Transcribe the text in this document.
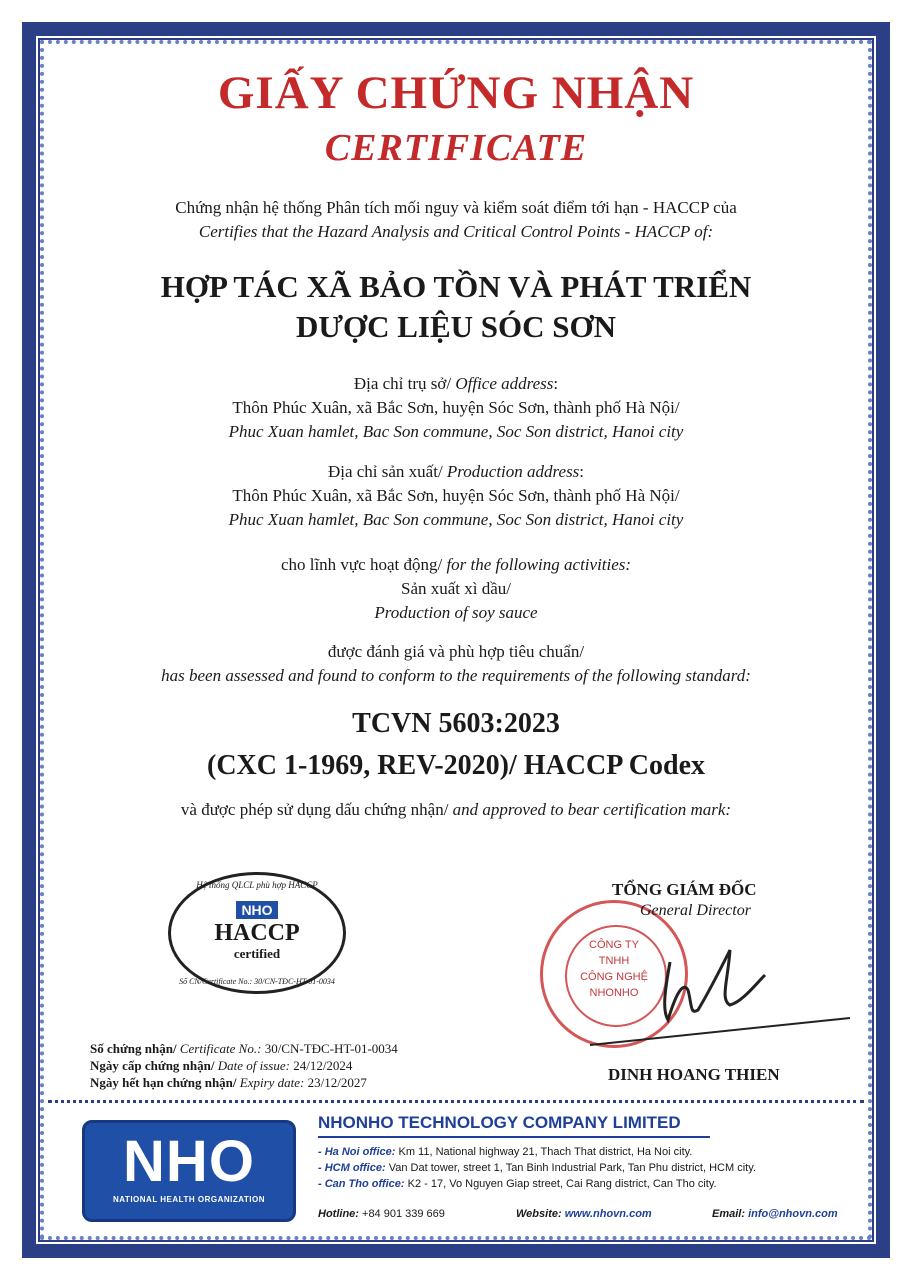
GIẤY CHỨNG NHẬN
CERTIFICATE
Chứng nhận hệ thống Phân tích mối nguy và kiểm soát điểm tới hạn - HACCP của
Certifies that the Hazard Analysis and Critical Control Points - HACCP of:
HỢP TÁC XÃ BẢO TỒN VÀ PHÁT TRIỂN
DƯỢC LIỆU SÓC SƠN
Địa chỉ trụ sở/ Office address:
Thôn Phúc Xuân, xã Bắc Sơn, huyện Sóc Sơn, thành phố Hà Nội/
Phuc Xuan hamlet, Bac Son commune, Soc Son district, Hanoi city
Địa chỉ sản xuất/ Production address:
Thôn Phúc Xuân, xã Bắc Sơn, huyện Sóc Sơn, thành phố Hà Nội/
Phuc Xuan hamlet, Bac Son commune, Soc Son district, Hanoi city
cho lĩnh vực hoạt động/ for the following activities:
Sản xuất xì dầu/
Production of soy sauce
được đánh giá và phù hợp tiêu chuẩn/
has been assessed and found to conform to the requirements of the following standard:
TCVN 5603:2023
(CXC 1-1969, REV-2020)/ HACCP Codex
và được phép sử dụng dấu chứng nhận/ and approved to bear certification mark:
Hệ thống QLCL phù hợp HACCP
NHO
HACCP
certified
Số CN/Certificate No.: 30/CN-TĐC-HT-01-0034
Số chứng nhận/ Certificate No.: 30/CN-TĐC-HT-01-0034
Ngày cấp chứng nhận/ Date of issue: 24/12/2024
Ngày hết hạn chứng nhận/ Expiry date: 23/12/2027
CÔNG TY
TNHH
CÔNG NGHỆ
NHONHO
TỔNG GIÁM ĐỐC
General Director
DINH HOANG THIEN
NHO
NATIONAL HEALTH ORGANIZATION
NHONHO TECHNOLOGY COMPANY LIMITED
- Ha Noi office: Km 11, National highway 21, Thach That district, Ha Noi city.
- HCM office: Van Dat tower, street 1, Tan Binh Industrial Park, Tan Phu district, HCM city.
- Can Tho office: K2 - 17, Vo Nguyen Giap street, Cai Rang district, Can Tho city.
Hotline: +84 901 339 669	Website: www.nhovn.com	Email: info@nhovn.com
